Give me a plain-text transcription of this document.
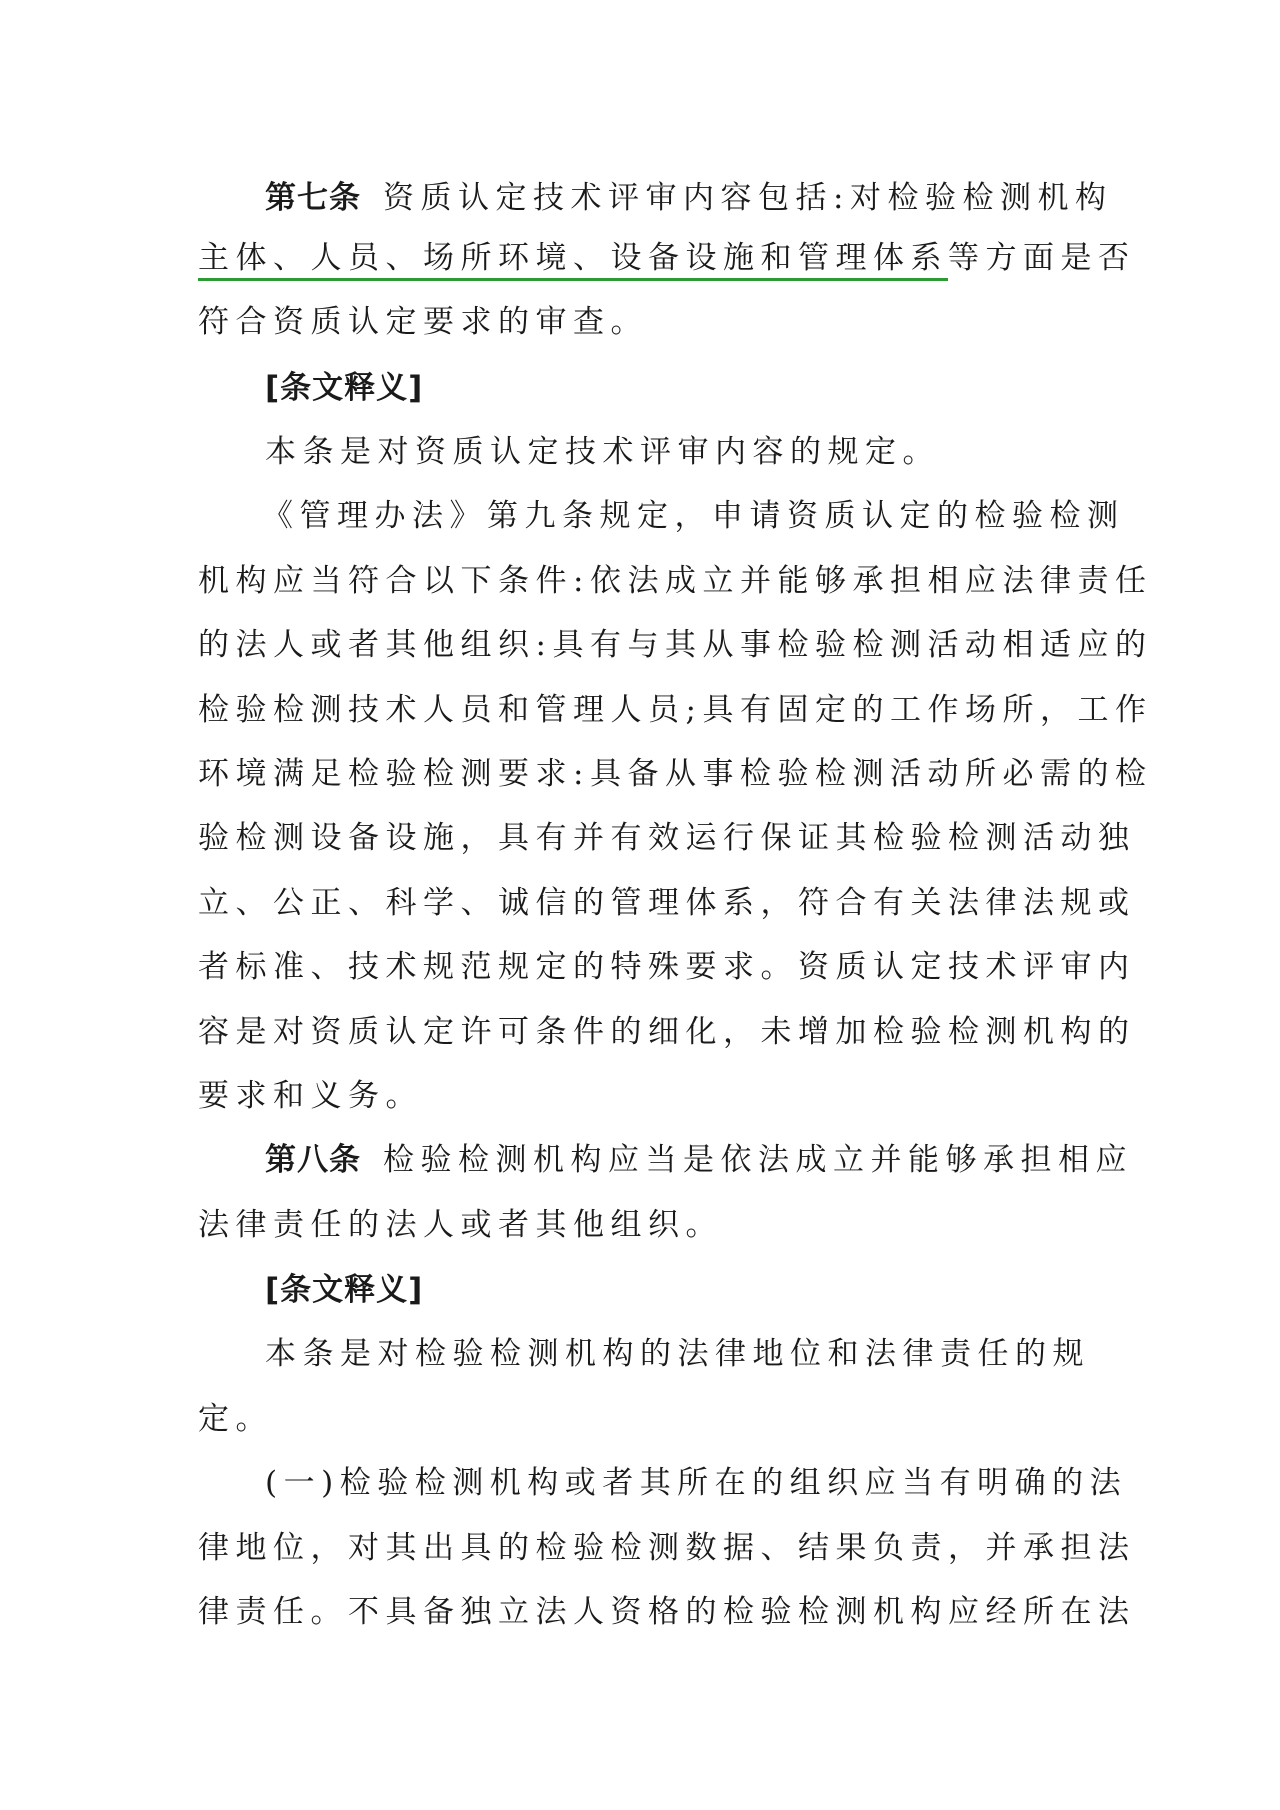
第七条 资质认定技术评审内容包括:对检验检测机构
主体、人员、场所环境、设备设施和管理体系等方面是否
符合资质认定要求的审查。
[条文释义]
本条是对资质认定技术评审内容的规定。
《管理办法》第九条规定，申请资质认定的检验检测
机构应当符合以下条件:依法成立并能够承担相应法律责任
的法人或者其他组织:具有与其从事检验检测活动相适应的
检验检测技术人员和管理人员;具有固定的工作场所，工作
环境满足检验检测要求:具备从事检验检测活动所必需的检
验检测设备设施，具有并有效运行保证其检验检测活动独
立、公正、科学、诚信的管理体系，符合有关法律法规或
者标准、技术规范规定的特殊要求。资质认定技术评审内
容是对资质认定许可条件的细化，未增加检验检测机构的
要求和义务。
第八条 检验检测机构应当是依法成立并能够承担相应
法律责任的法人或者其他组织。
[条文释义]
本条是对检验检测机构的法律地位和法律责任的规
定。
(一)检验检测机构或者其所在的组织应当有明确的法
律地位，对其出具的检验检测数据、结果负责，并承担法
律责任。不具备独立法人资格的检验检测机构应经所在法
